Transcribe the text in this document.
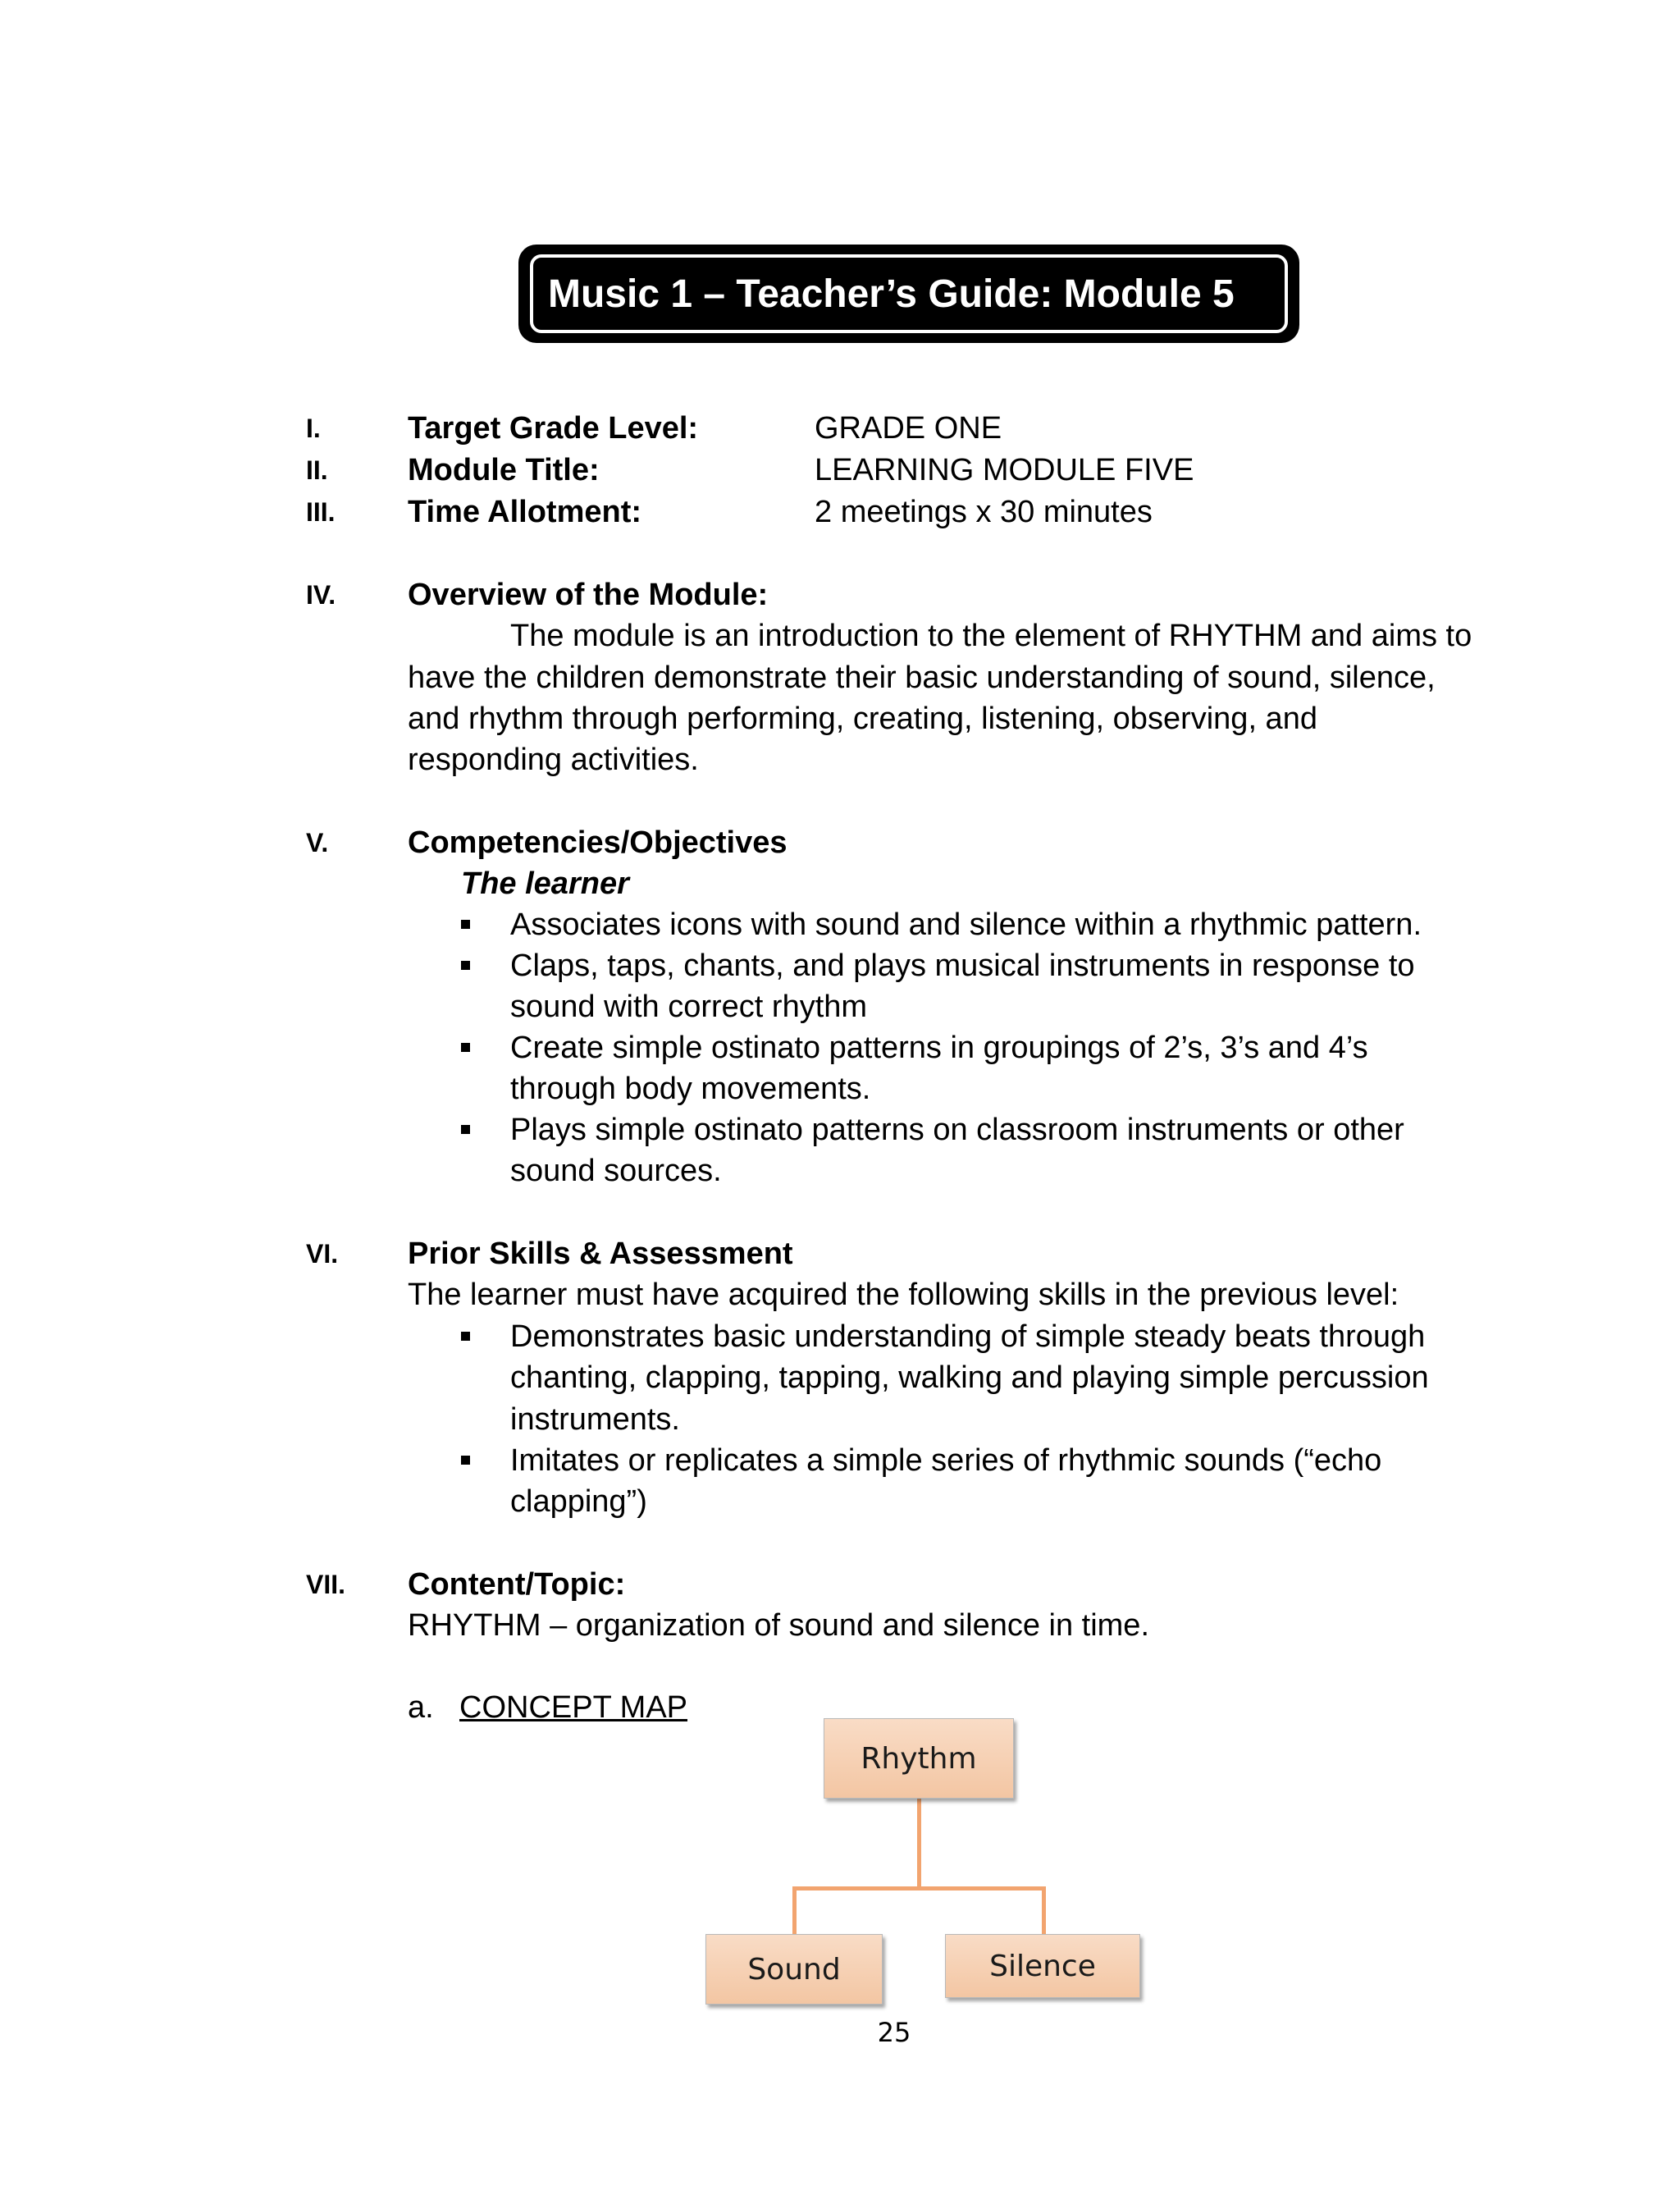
Music 1 – Teacher’s Guide: Module 5
I.	Target Grade Level:	GRADE ONE
II.	Module Title:	LEARNING MODULE FIVE
III. Time Allotment:	2 meetings x 30 minutes
IV. Overview of the Module:
The module is an introduction to the element of RHYTHM and aims to
have the children demonstrate their basic understanding of sound, silence,
and rhythm through performing, creating, listening, observing, and
responding activities.
V.	Competencies/Objectives
The learner
Associates icons with sound and silence within a rhythmic pattern.
Claps, taps, chants, and plays musical instruments in response to
sound with correct rhythm
Create simple ostinato patterns in groupings of 2’s, 3’s and 4’s
through body movements.
Plays simple ostinato patterns on classroom instruments or other
sound sources.
VI. Prior Skills & Assessment
The learner must have acquired the following skills in the previous level:
Demonstrates basic understanding of simple steady beats through
chanting, clapping, tapping, walking and playing simple percussion
instruments.
Imitates or replicates a simple series of rhythmic sounds (“echo
clapping”)
VII. Content/Topic:
RHYTHM – organization of sound and silence in time.
a. CONCEPT MAP
Rhythm
Sound	Silence
25
